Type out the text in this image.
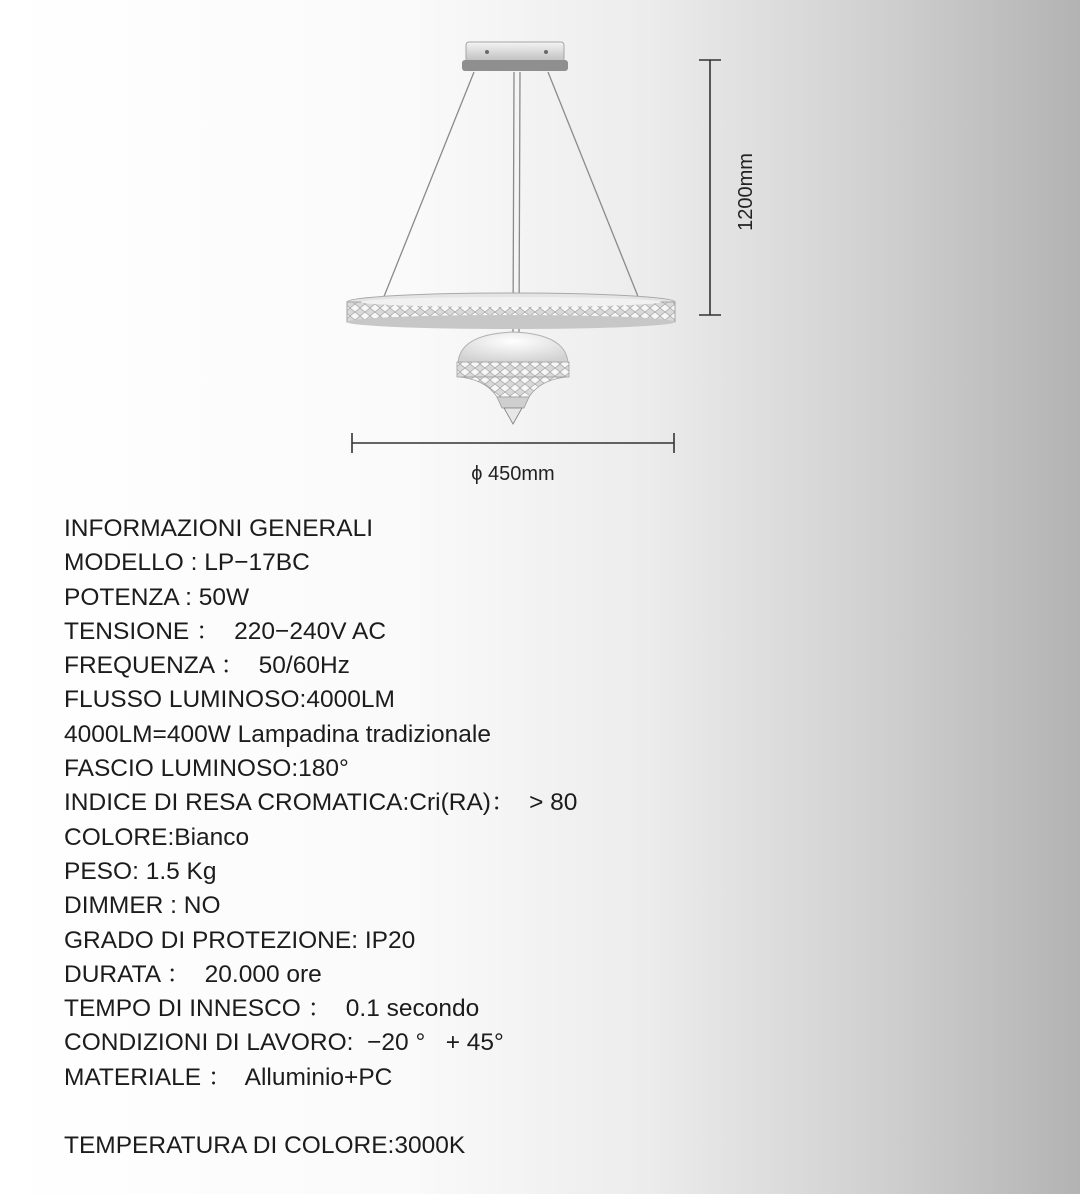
1200mm
ϕ 450mm
INFORMAZIONI GENERALI
MODELLO : LP−17BC
POTENZA : 50W
TENSIONE ：  220−240V AC
FREQUENZA ：  50/60Hz
FLUSSO LUMINOSO:4000LM
4000LM=400W Lampadina tradizionale
FASCIO LUMINOSO:180°
INDICE DI RESA CROMATICA:Cri(RA)：  > 80
COLORE:Bianco
PESO: 1.5 Kg
DIMMER : NO
GRADO DI PROTEZIONE: IP20
DURATA ：  20.000 ore
TEMPO DI INNESCO ：  0.1 secondo
CONDIZIONI DI LAVORO:  −20 °   + 45°
MATERIALE ：  Alluminio+PC
TEMPERATURA DI COLORE:3000K
